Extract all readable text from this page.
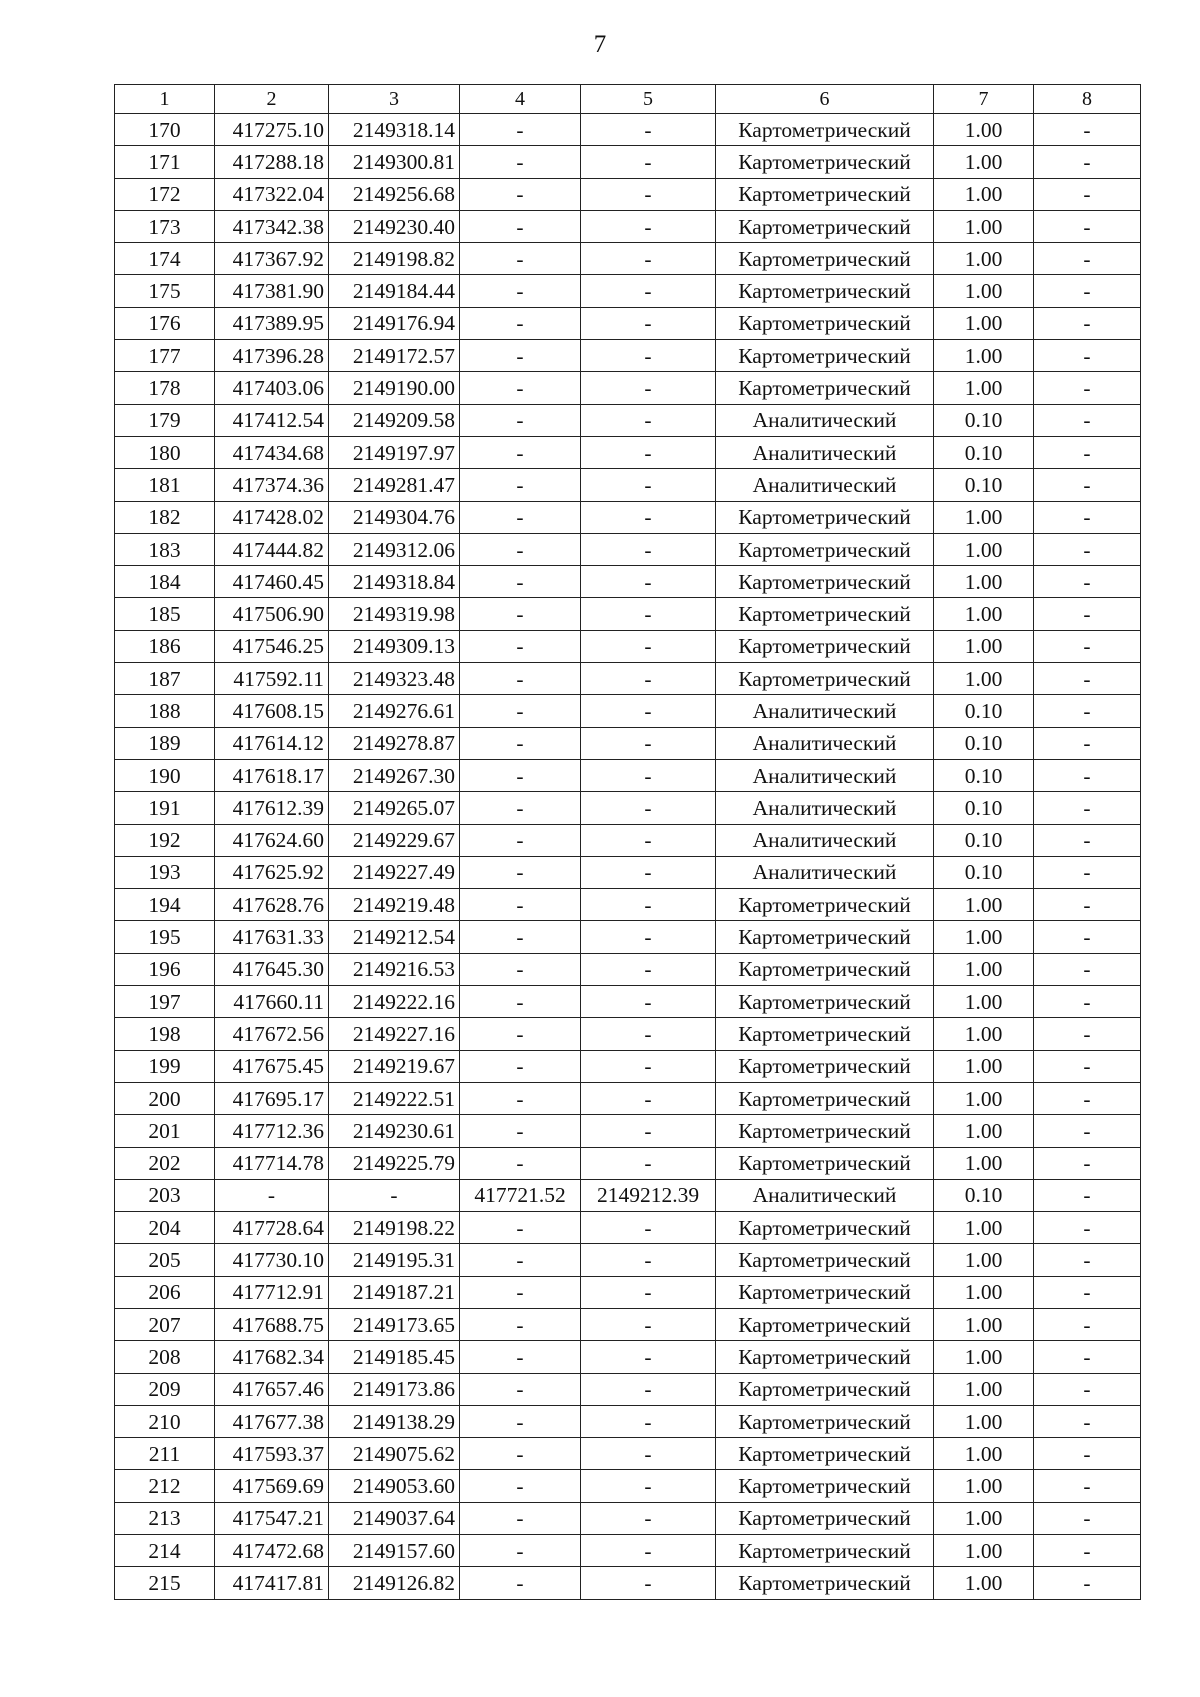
7
1	2	3	4	5	6	7	8
170	417275.10	2149318.14	-	-	Картометрический	1.00	-
171	417288.18	2149300.81	-	-	Картометрический	1.00	-
172	417322.04	2149256.68	-	-	Картометрический	1.00	-
173	417342.38	2149230.40	-	-	Картометрический	1.00	-
174	417367.92	2149198.82	-	-	Картометрический	1.00	-
175	417381.90	2149184.44	-	-	Картометрический	1.00	-
176	417389.95	2149176.94	-	-	Картометрический	1.00	-
177	417396.28	2149172.57	-	-	Картометрический	1.00	-
178	417403.06	2149190.00	-	-	Картометрический	1.00	-
179	417412.54	2149209.58	-	-	Аналитический	0.10	-
180	417434.68	2149197.97	-	-	Аналитический	0.10	-
181	417374.36	2149281.47	-	-	Аналитический	0.10	-
182	417428.02	2149304.76	-	-	Картометрический	1.00	-
183	417444.82	2149312.06	-	-	Картометрический	1.00	-
184	417460.45	2149318.84	-	-	Картометрический	1.00	-
185	417506.90	2149319.98	-	-	Картометрический	1.00	-
186	417546.25	2149309.13	-	-	Картометрический	1.00	-
187	417592.11	2149323.48	-	-	Картометрический	1.00	-
188	417608.15	2149276.61	-	-	Аналитический	0.10	-
189	417614.12	2149278.87	-	-	Аналитический	0.10	-
190	417618.17	2149267.30	-	-	Аналитический	0.10	-
191	417612.39	2149265.07	-	-	Аналитический	0.10	-
192	417624.60	2149229.67	-	-	Аналитический	0.10	-
193	417625.92	2149227.49	-	-	Аналитический	0.10	-
194	417628.76	2149219.48	-	-	Картометрический	1.00	-
195	417631.33	2149212.54	-	-	Картометрический	1.00	-
196	417645.30	2149216.53	-	-	Картометрический	1.00	-
197	417660.11	2149222.16	-	-	Картометрический	1.00	-
198	417672.56	2149227.16	-	-	Картометрический	1.00	-
199	417675.45	2149219.67	-	-	Картометрический	1.00	-
200	417695.17	2149222.51	-	-	Картометрический	1.00	-
201	417712.36	2149230.61	-	-	Картометрический	1.00	-
202	417714.78	2149225.79	-	-	Картометрический	1.00	-
203	-	-	417721.52	2149212.39	Аналитический	0.10	-
204	417728.64	2149198.22	-	-	Картометрический	1.00	-
205	417730.10	2149195.31	-	-	Картометрический	1.00	-
206	417712.91	2149187.21	-	-	Картометрический	1.00	-
207	417688.75	2149173.65	-	-	Картометрический	1.00	-
208	417682.34	2149185.45	-	-	Картометрический	1.00	-
209	417657.46	2149173.86	-	-	Картометрический	1.00	-
210	417677.38	2149138.29	-	-	Картометрический	1.00	-
211	417593.37	2149075.62	-	-	Картометрический	1.00	-
212	417569.69	2149053.60	-	-	Картометрический	1.00	-
213	417547.21	2149037.64	-	-	Картометрический	1.00	-
214	417472.68	2149157.60	-	-	Картометрический	1.00	-
215	417417.81	2149126.82	-	-	Картометрический	1.00	-
